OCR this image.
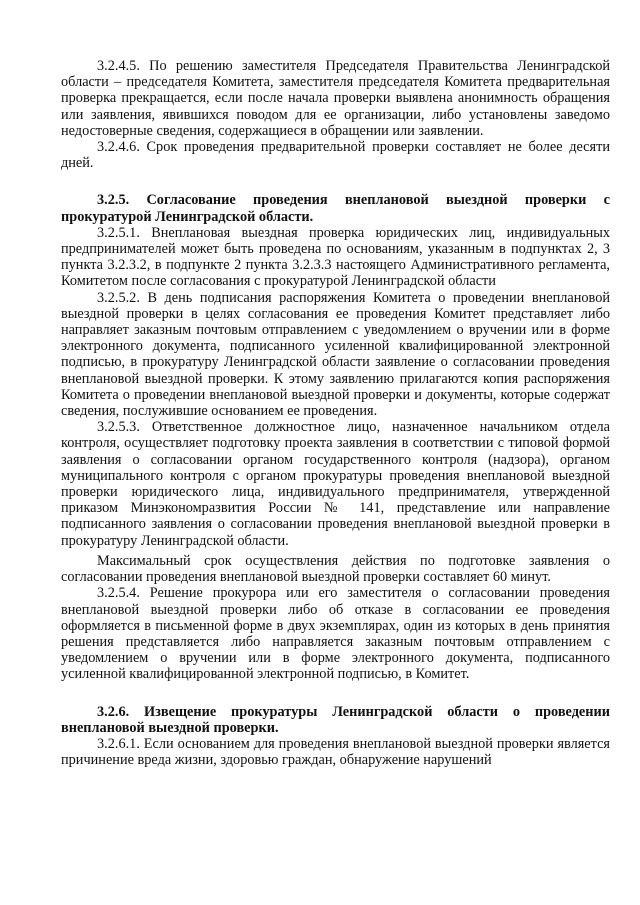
3.2.4.5. По решению заместителя Председателя Правительства Ленинградской области – председателя Комитета, заместителя председателя Комитета предварительная проверка прекращается, если после начала проверки выявлена анонимность обращения или заявления, явившихся поводом для ее организации, либо установлены заведомо недостоверные сведения, содержащиеся в обращении или заявлении.

3.2.4.6. Срок проведения предварительной проверки составляет не более десяти дней.

3.2.5. Согласование проведения внеплановой выездной проверки с прокуратурой Ленинградской области.

3.2.5.1. Внеплановая выездная проверка юридических лиц, индивидуальных предпринимателей может быть проведена по основаниям, указанным в подпунктах 2, 3 пункта 3.2.3.2, в подпункте 2 пункта 3.2.3.3 настоящего Административного регламента, Комитетом после согласования с прокуратурой Ленинградской области

3.2.5.2. В день подписания распоряжения Комитета о проведении внеплановой выездной проверки в целях согласования ее проведения Комитет представляет либо направляет заказным почтовым отправлением с уведомлением о вручении или в форме электронного документа, подписанного усиленной квалифицированной электронной подписью, в прокуратуру Ленинградской области заявление о согласовании проведения внеплановой выездной проверки. К этому заявлению прилагаются копия распоряжения Комитета о проведении внеплановой выездной проверки и документы, которые содержат сведения, послужившие основанием ее проведения.

3.2.5.3. Ответственное должностное лицо, назначенное начальником отдела контроля, осуществляет подготовку проекта заявления в соответствии с типовой формой заявления о согласовании органом государственного контроля (надзора), органом муниципального контроля с органом прокуратуры проведения внеплановой выездной проверки юридического лица, индивидуального предпринимателя, утвержденной приказом Минэкономразвития России № 141, представление или направление подписанного заявления о согласовании проведения внеплановой выездной проверки в прокуратуру Ленинградской области.

Максимальный срок осуществления действия по подготовке заявления о согласовании проведения внеплановой выездной проверки составляет 60 минут.

3.2.5.4. Решение прокурора или его заместителя о согласовании проведения внеплановой выездной проверки либо об отказе в согласовании ее проведения оформляется в письменной форме в двух экземплярах, один из которых в день принятия решения представляется либо направляется заказным почтовым отправлением с уведомлением о вручении или в форме электронного документа, подписанного усиленной квалифицированной электронной подписью, в Комитет.

3.2.6. Извещение прокуратуры Ленинградской области о проведении внеплановой выездной проверки.

3.2.6.1. Если основанием для проведения внеплановой выездной проверки является причинение вреда жизни, здоровью граждан, обнаружение нарушений
